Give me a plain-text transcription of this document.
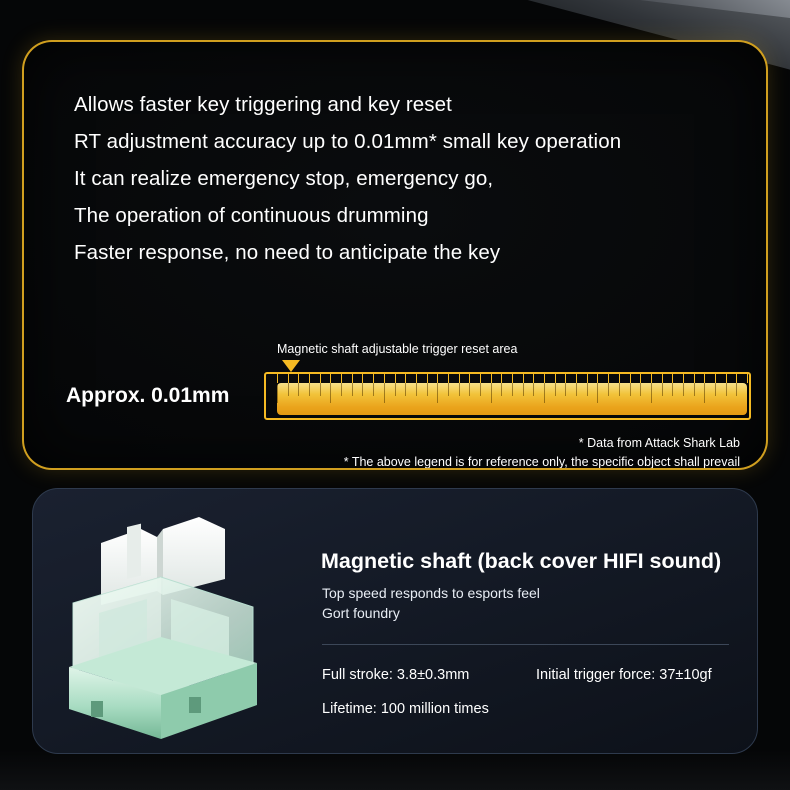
Allows faster key triggering and key reset
RT adjustment accuracy up to 0.01mm* small key operation
It can realize emergency stop, emergency go,
The operation of continuous drumming
Faster response, no need to anticipate the key
Magnetic shaft adjustable trigger reset area
Approx. 0.01mm
* Data from Attack Shark Lab
* The above legend is for reference only, the specific object shall prevail
Magnetic shaft (back cover HIFI sound)
Top speed responds to esports feel
Gort foundry
Full stroke: 3.8±0.3mm	Initial trigger force: 37±10gf
Lifetime: 100 million times
